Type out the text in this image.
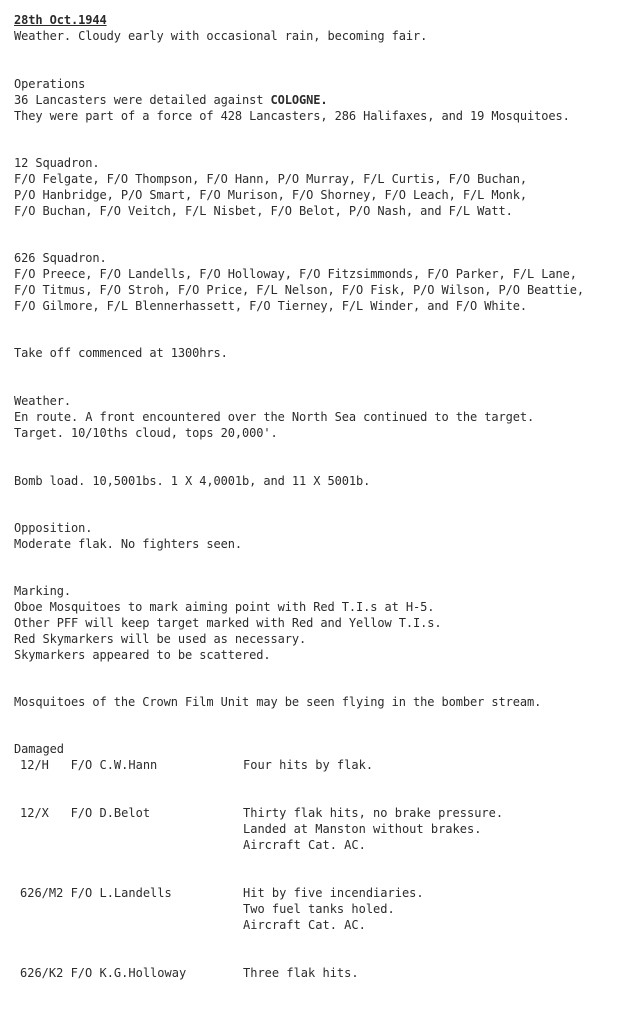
28th Oct.1944
Weather. Cloudy early with occasional rain, becoming fair.
Operations
36 Lancasters were detailed against COLOGNE.
They were part of a force of 428 Lancasters, 286 Halifaxes, and 19 Mosquitoes.
12 Squadron.
F/O Felgate, F/O Thompson, F/O Hann, P/O Murray, F/L Curtis, F/O Buchan,
P/O Hanbridge, P/O Smart, F/O Murison, F/O Shorney, F/O Leach, F/L Monk,
F/O Buchan, F/O Veitch, F/L Nisbet, F/O Belot, P/O Nash, and F/L Watt.
626 Squadron.
F/O Preece, F/O Landells, F/O Holloway, F/O Fitzsimmonds, F/O Parker, F/L Lane,
F/O Titmus, F/O Stroh, F/O Price, F/L Nelson, F/O Fisk, P/O Wilson, P/O Beattie,
F/O Gilmore, F/L Blennerhassett, F/O Tierney, F/L Winder, and F/O White.
Take off commenced at 1300hrs.
Weather.
En route. A front encountered over the North Sea continued to the target.
Target. 10/10ths cloud, tops 20,000'.
Bomb load. 10,5001bs. 1 X 4,0001b, and 11 X 5001b.
Opposition.
Moderate flak. No fighters seen.
Marking.
Oboe Mosquitoes to mark aiming point with Red T.I.s at H-5.
Other PFF will keep target marked with Red and Yellow T.I.s.
Red Skymarkers will be used as necessary.
Skymarkers appeared to be scattered.
Mosquitoes of the Crown Film Unit may be seen flying in the bomber stream.
Damaged
12/H   F/O C.W.Hann	Four hits by flak.
12/X   F/O D.Belot	Thirty flak hits, no brake pressure.
Landed at Manston without brakes.
Aircraft Cat. AC.
626/M2 F/O L.Landells	Hit by five incendiaries.
Two fuel tanks holed.
Aircraft Cat. AC.
626/K2 F/O K.G.Holloway	Three flak hits.
